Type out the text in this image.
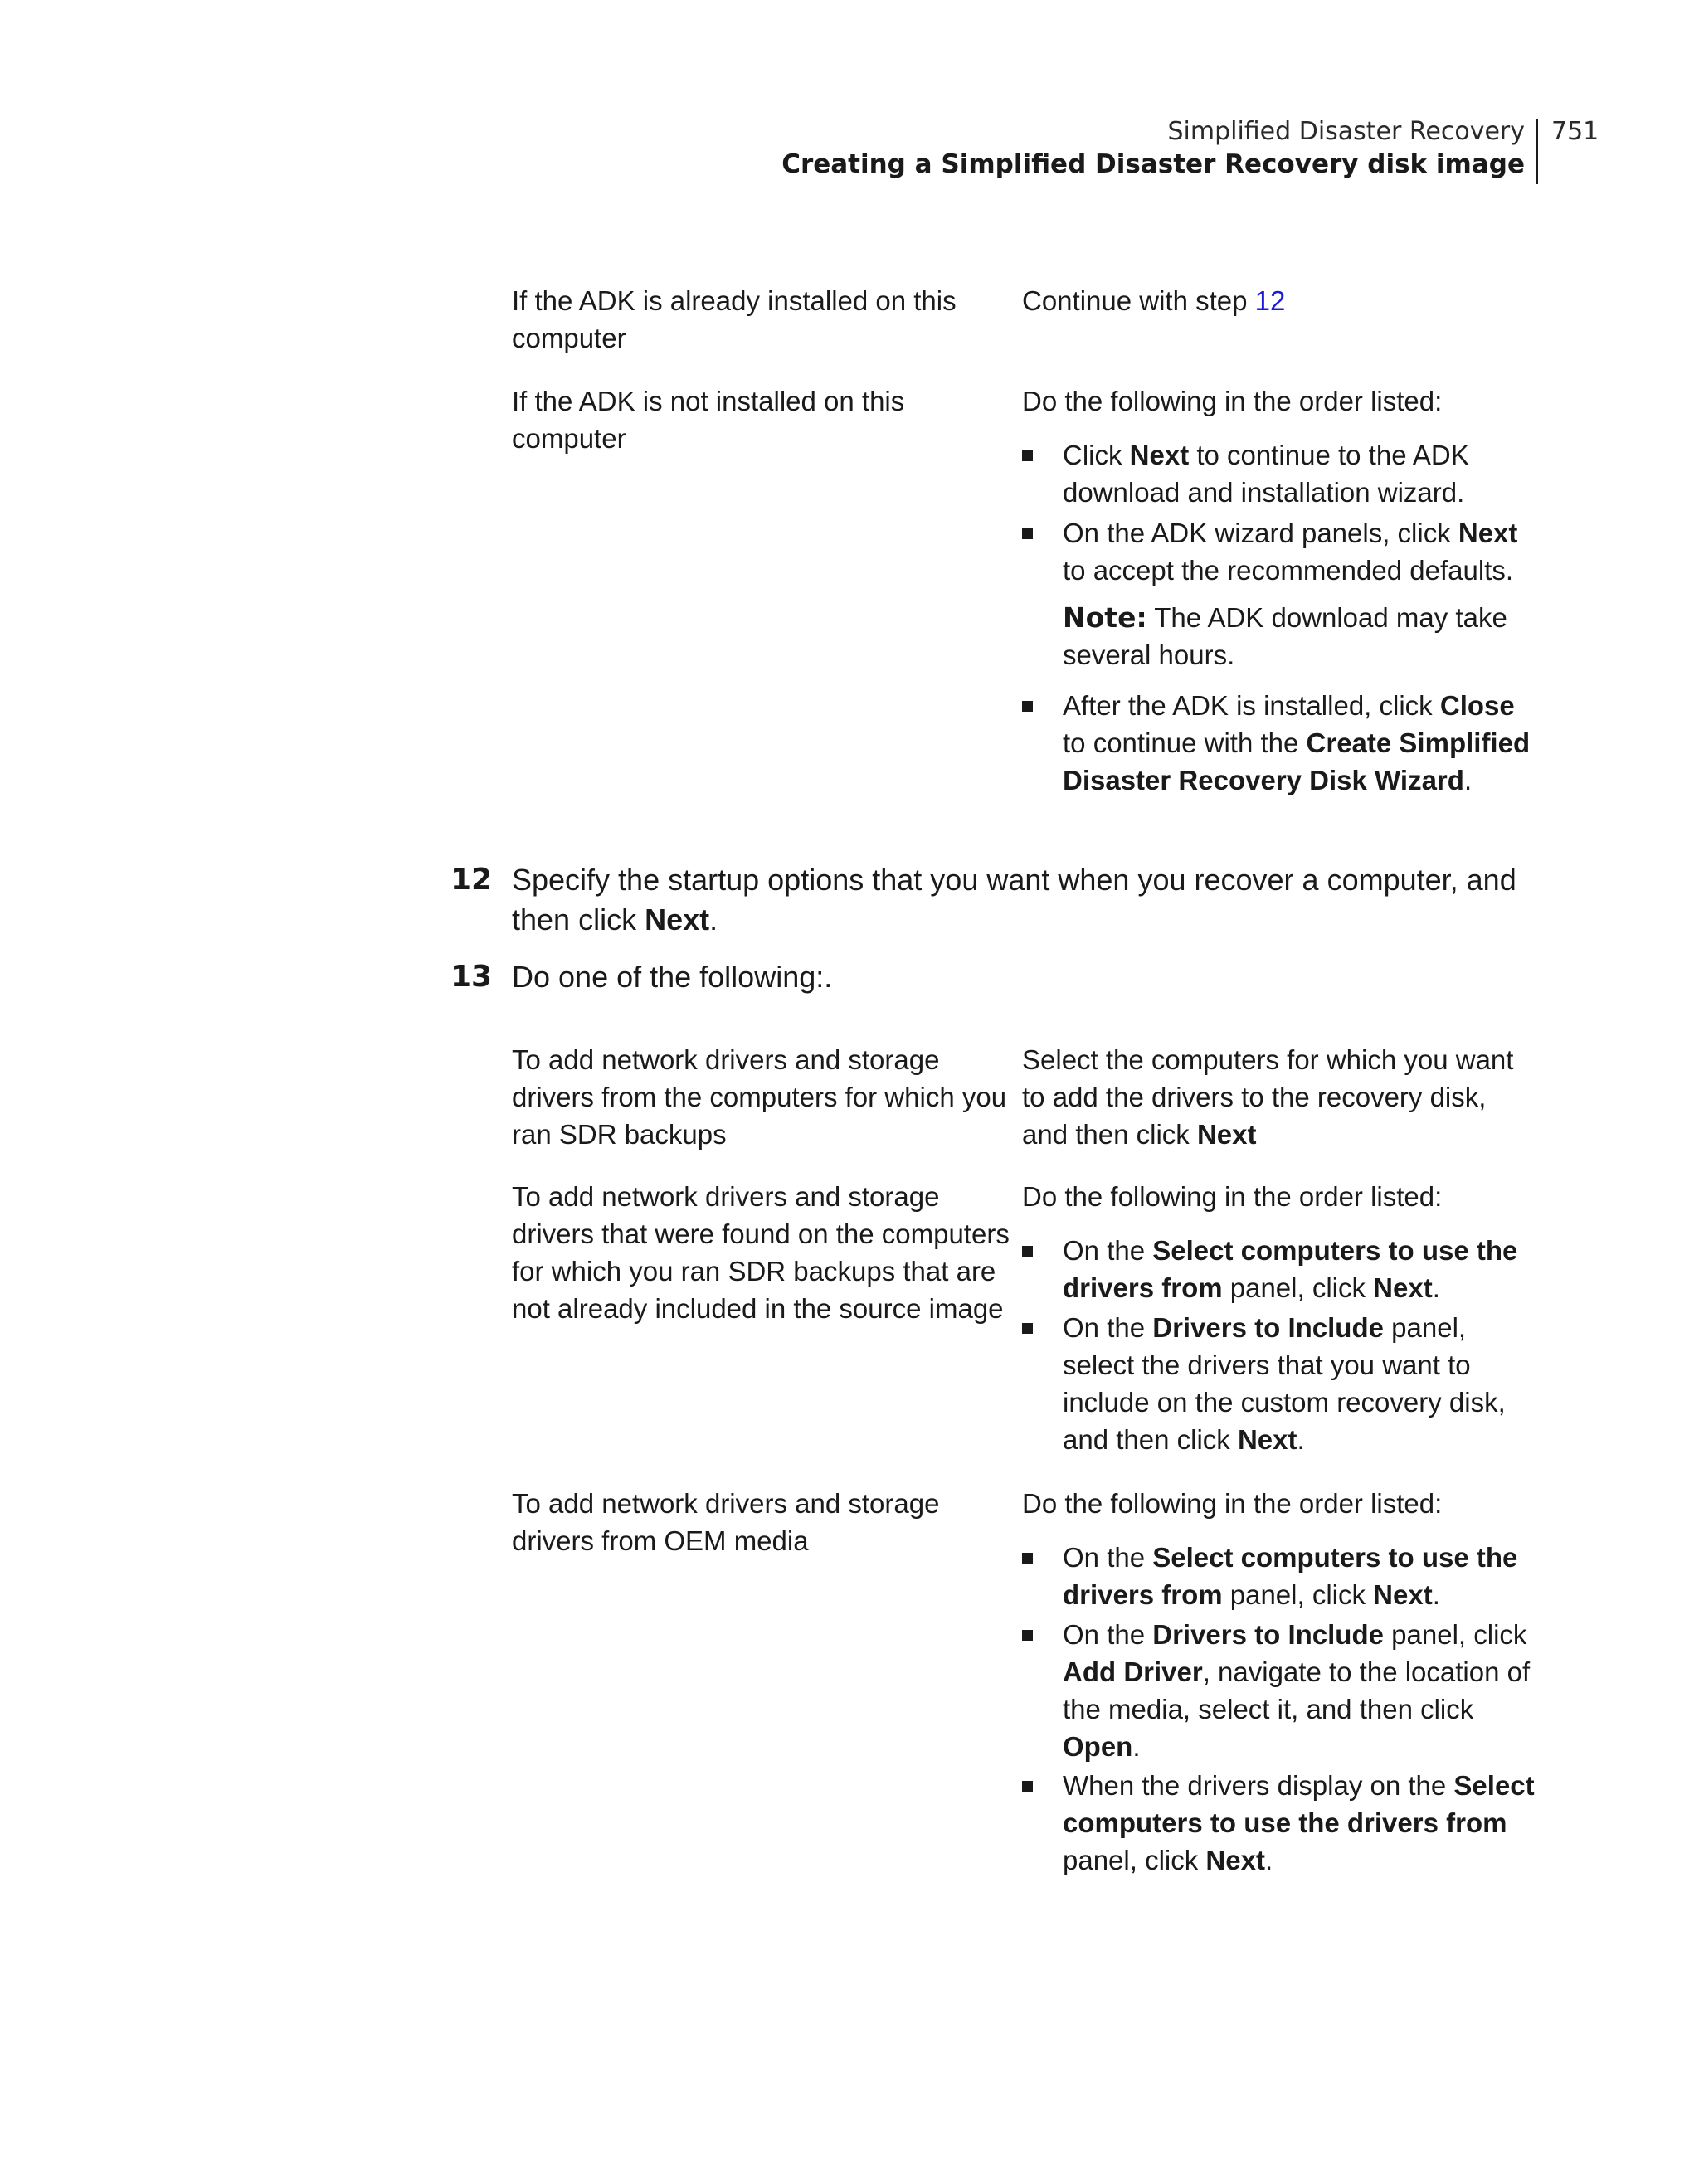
Simplified Disaster Recovery
Creating a Simplified Disaster Recovery disk image
751
If the ADK is already installed on this computer
Continue with step 12
If the ADK is not installed on this computer
Do the following in the order listed:
Click Next to continue to the ADK download and installation wizard.
On the ADK wizard panels, click Next to accept the recommended defaults.
Note: The ADK download may take several hours.
After the ADK is installed, click Close to continue with the Create Simplified Disaster Recovery Disk Wizard.
12 Specify the startup options that you want when you recover a computer, and then click Next.
13 Do one of the following:.
To add network drivers and storage drivers from the computers for which you ran SDR backups
Select the computers for which you want to add the drivers to the recovery disk, and then click Next
To add network drivers and storage drivers that were found on the computers for which you ran SDR backups that are not already included in the source image
Do the following in the order listed:
On the Select computers to use the drivers from panel, click Next.
On the Drivers to Include panel, select the drivers that you want to include on the custom recovery disk, and then click Next.
To add network drivers and storage drivers from OEM media
Do the following in the order listed:
On the Select computers to use the drivers from panel, click Next.
On the Drivers to Include panel, click Add Driver, navigate to the location of the media, select it, and then click Open.
When the drivers display on the Select computers to use the drivers from panel, click Next.
